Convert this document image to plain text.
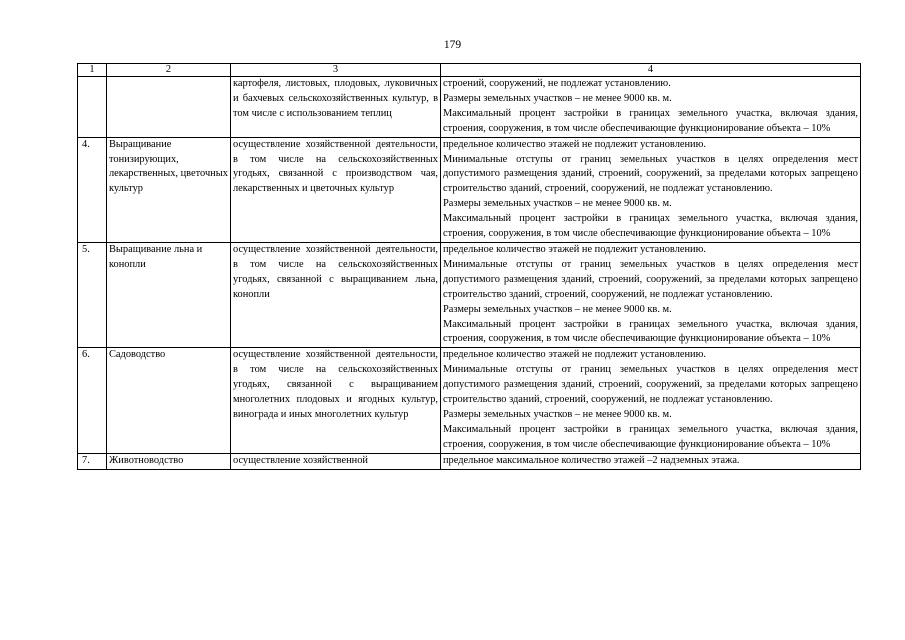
179
1	2	3	4
		картофеля, листовых, плодовых, луковичных и бахчевых сельскохозяйственных культур, в том числе с использованием теплиц	строений, сооружений, не подлежат установлению.

Размеры земельных участков – не менее 9000 кв. м.

Максимальный процент застройки в границах земельного участка, включая здания, строения, сооружения, в том числе обеспечивающие функционирование объекта – 10%

4.	Выращивание тонизирующих, лекарственных, цветочных культур	осуществление хозяйственной деятельности, в том числе на сельскохозяйственных угодьях, связанной с производством чая, лекарственных и цветочных культур	предельное количество этажей не подлежит установлению.

Минимальные отступы от границ земельных участков в целях определения мест допустимого размещения зданий, строений, сооружений, за пределами которых запрещено строительство зданий, строений, сооружений, не подлежат установлению.

Размеры земельных участков – не менее 9000 кв. м.

Максимальный процент застройки в границах земельного участка, включая здания, строения, сооружения, в том числе обеспечивающие функционирование объекта – 10%

5.	Выращивание льна и конопли	осуществление хозяйственной деятельности, в том числе на сельскохозяйственных угодьях, связанной с выращиванием льна, конопли	предельное количество этажей не подлежит установлению.

Минимальные отступы от границ земельных участков в целях определения мест допустимого размещения зданий, строений, сооружений, за пределами которых запрещено строительство зданий, строений, сооружений, не подлежат установлению.

Размеры земельных участков – не менее 9000 кв. м.

Максимальный процент застройки в границах земельного участка, включая здания, строения, сооружения, в том числе обеспечивающие функционирование объекта – 10%

6.	Садоводство	осуществление хозяйственной деятельности, в том числе на сельскохозяйственных угодьях, связанной с выращиванием многолетних плодовых и ягодных культур, винограда и иных многолетних культур	предельное количество этажей не подлежит установлению.

Минимальные отступы от границ земельных участков в целях определения мест допустимого размещения зданий, строений, сооружений, за пределами которых запрещено строительство зданий, строений, сооружений, не подлежат установлению.

Размеры земельных участков – не менее 9000 кв. м.

Максимальный процент застройки в границах земельного участка, включая здания, строения, сооружения, в том числе обеспечивающие функционирование объекта – 10%

7.	Животноводство	осуществление хозяйственной	предельное максимальное количество этажей –2 надземных этажа.
